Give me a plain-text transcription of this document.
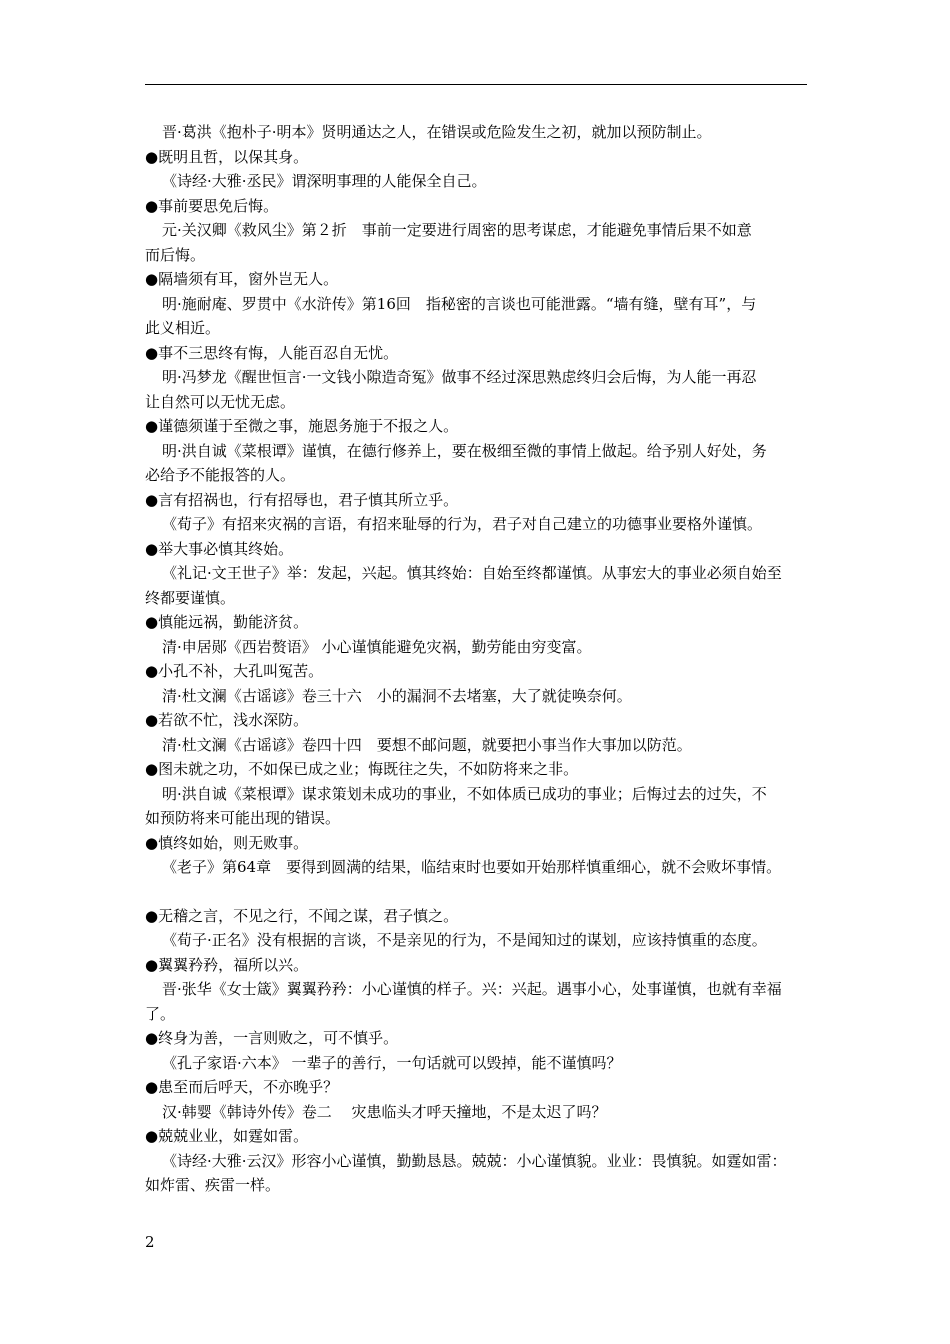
晋·葛洪《抱朴子·明本》贤明通达之人，在错误或危险发生之初，就加以预防制止。
●既明且哲，以保其身。
《诗经·大雅·丞民》谓深明事理的人能保全自己。
●事前要思免后悔。
元·关汉卿《救风尘》第２折　事前一定要进行周密的思考谋虑，才能避免事情后果不如意
而后悔。
●隔墙须有耳，窗外岂无人。
明·施耐庵、罗贯中《水浒传》第16回　指秘密的言谈也可能泄露。“墙有缝，壁有耳”，与
此义相近。
●事不三思终有悔，人能百忍自无忧。
明·冯梦龙《醒世恒言·一文钱小隙造奇冤》做事不经过深思熟虑终归会后悔，为人能一再忍
让自然可以无忧无虑。
●谨德须谨于至微之事，施恩务施于不报之人。
明·洪自诚《菜根谭》谨慎，在德行修养上，要在极细至微的事情上做起。给予别人好处，务
必给予不能报答的人。
●言有招祸也，行有招辱也，君子慎其所立乎。
《荀子》有招来灾祸的言语，有招来耻辱的行为，君子对自己建立的功德事业要格外谨慎。
●举大事必慎其终始。
《礼记·文王世子》举：发起，兴起。慎其终始：自始至终都谨慎。从事宏大的事业必须自始至
终都要谨慎。
●慎能远祸，勤能济贫。
清·申居郧《西岩赘语》 小心谨慎能避免灾祸，勤劳能由穷变富。
●小孔不补，大孔叫冤苦。
清·杜文澜《古谣谚》卷三十六　小的漏洞不去堵塞，大了就徒唤奈何。
●若欲不忙，浅水深防。
清·杜文澜《古谣谚》卷四十四　要想不邮问题，就要把小事当作大事加以防范。
●图未就之功，不如保已成之业；悔既往之失，不如防将来之非。
明·洪自诚《菜根谭》谋求策划未成功的事业，不如体质已成功的事业；后悔过去的过失，不
如预防将来可能出现的错误。
●慎终如始，则无败事。
《老子》第64章　要得到圆满的结果，临结束时也要如开始那样慎重细心，就不会败坏事情。
●无稽之言，不见之行，不闻之谋，君子慎之。
《荀子·正名》没有根据的言谈，不是亲见的行为，不是闻知过的谋划，应该持慎重的态度。
●翼翼矜矜，福所以兴。
晋·张华《女士箴》翼翼矜矜：小心谨慎的样子。兴：兴起。遇事小心，处事谨慎，也就有幸福
了。
●终身为善，一言则败之，可不慎乎。
《孔子家语·六本》 一辈子的善行，一句话就可以毁掉，能不谨慎吗？
●患至而后呼天，不亦晚乎？
汉·韩婴《韩诗外传》卷二　 灾患临头才呼天撞地，不是太迟了吗？
●兢兢业业，如霆如雷。
《诗经·大雅·云汉》形容小心谨慎，勤勤恳恳。兢兢：小心谨慎貌。业业：畏慎貌。如霆如雷：
如炸雷、疾雷一样。
2
